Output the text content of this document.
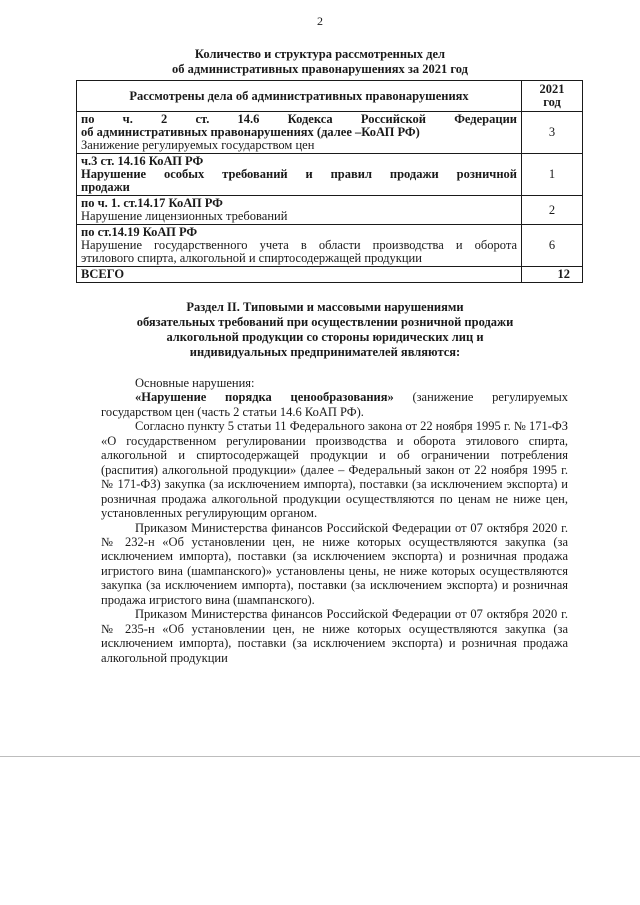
2
Количество и структура рассмотренных дел
об административных правонарушениях за 2021 год
Рассмотрены дела об административных правонарушениях	2021
год

по ч. 2 ст. 14.6 Кодекса Российской Федерации
об административных правонарушениях (далее –КоАП РФ)
Занижение регулируемых государством цен	3

ч.3 ст. 14.16 КоАП РФ
Нарушение особых требований и правил продажи розничной
продажи	1

по ч. 1. ст.14.17 КоАП РФ
Нарушение лицензионных требований	2

по ст.14.19 КоАП РФ
Нарушение государственного учета в области производства и оборота
этилового спирта, алкогольной и спиртосодержащей продукции	6
ВСЕГО	12
Раздел II. Типовыми и массовыми нарушениями
обязательных требований при осуществлении розничной продажи
алкогольной продукции со стороны юридических лиц и
индивидуальных предпринимателей являются:

Основные нарушения:

«Нарушение порядка ценообразования» (занижение регулируемых государством цен (часть 2 статьи 14.6 КоАП РФ).

Согласно пункту 5 статьи 11 Федерального закона от 22 ноября 1995 г. № 171-ФЗ «О государственном регулировании производства и оборота этилового спирта, алкогольной и спиртосодержащей продукции и об ограничении потребления (распития) алкогольной продукции» (далее – Федеральный закон от 22 ноября 1995 г. № 171-ФЗ) закупка (за исключением импорта), поставки (за исключением экспорта) и розничная продажа алкогольной продукции осуществляются по ценам не ниже цен, установленных регулирующим органом.

Приказом Министерства финансов Российской Федерации от 07 октября 2020 г. № 232-н «Об установлении цен, не ниже которых осуществляются закупка (за исключением импорта), поставки (за исключением экспорта) и розничная продажа игристого вина (шампанского)» установлены цены, не ниже которых осуществляются закупка (за исключением импорта), поставки (за исключением экспорта) и розничная продажа игристого вина (шампанского).

Приказом Министерства финансов Российской Федерации от 07 октября 2020 г. № 235-н «Об установлении цен, не ниже которых осуществляются закупка (за исключением импорта), поставки (за исключением экспорта) и розничная продажа алкогольной продукции
